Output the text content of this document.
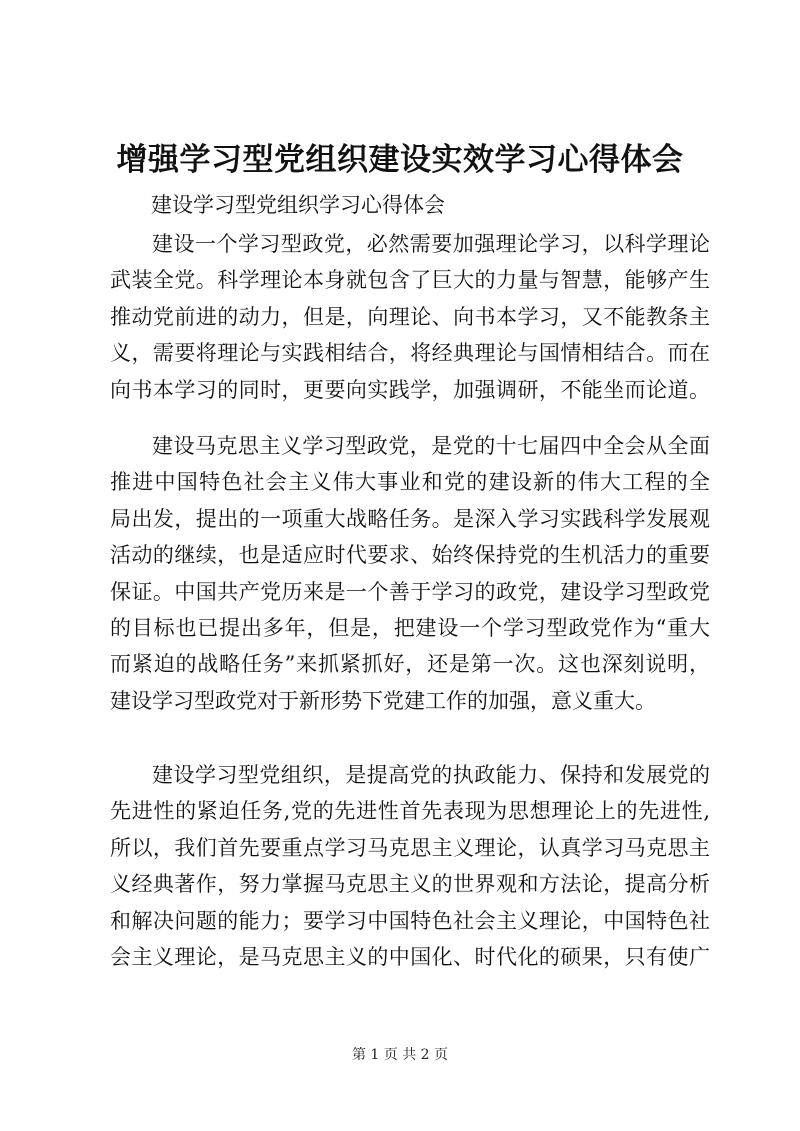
增强学习型党组织建设实效学习心得体会

建设学习型党组织学习心得体会

建设一个学习型政党，必然需要加强理论学习，以科学理论
武装全党。科学理论本身就包含了巨大的力量与智慧，能够产生
推动党前进的动力，但是，向理论、向书本学习，又不能教条主
义，需要将理论与实践相结合，将经典理论与国情相结合。而在
向书本学习的同时，更要向实践学，加强调研，不能坐而论道。
建设马克思主义学习型政党，是党的十七届四中全会从全面
推进中国特色社会主义伟大事业和党的建设新的伟大工程的全
局出发，提出的一项重大战略任务。是深入学习实践科学发展观
活动的继续，也是适应时代要求、始终保持党的生机活力的重要
保证。中国共产党历来是一个善于学习的政党，建设学习型政党
的目标也已提出多年，但是，把建设一个学习型政党作为“重大
而紧迫的战略任务”来抓紧抓好，还是第一次。这也深刻说明，
建设学习型政党对于新形势下党建工作的加强，意义重大。
建设学习型党组织，是提高党的执政能力、保持和发展党的
先进性的紧迫任务,党的先进性首先表现为思想理论上的先进性,
所以，我们首先要重点学习马克思主义理论，认真学习马克思主
义经典著作，努力掌握马克思主义的世界观和方法论，提高分析
和解决问题的能力；要学习中国特色社会主义理论，中国特色社
会主义理论，是马克思主义的中国化、时代化的硕果，只有使广
第 1 页 共 2 页
